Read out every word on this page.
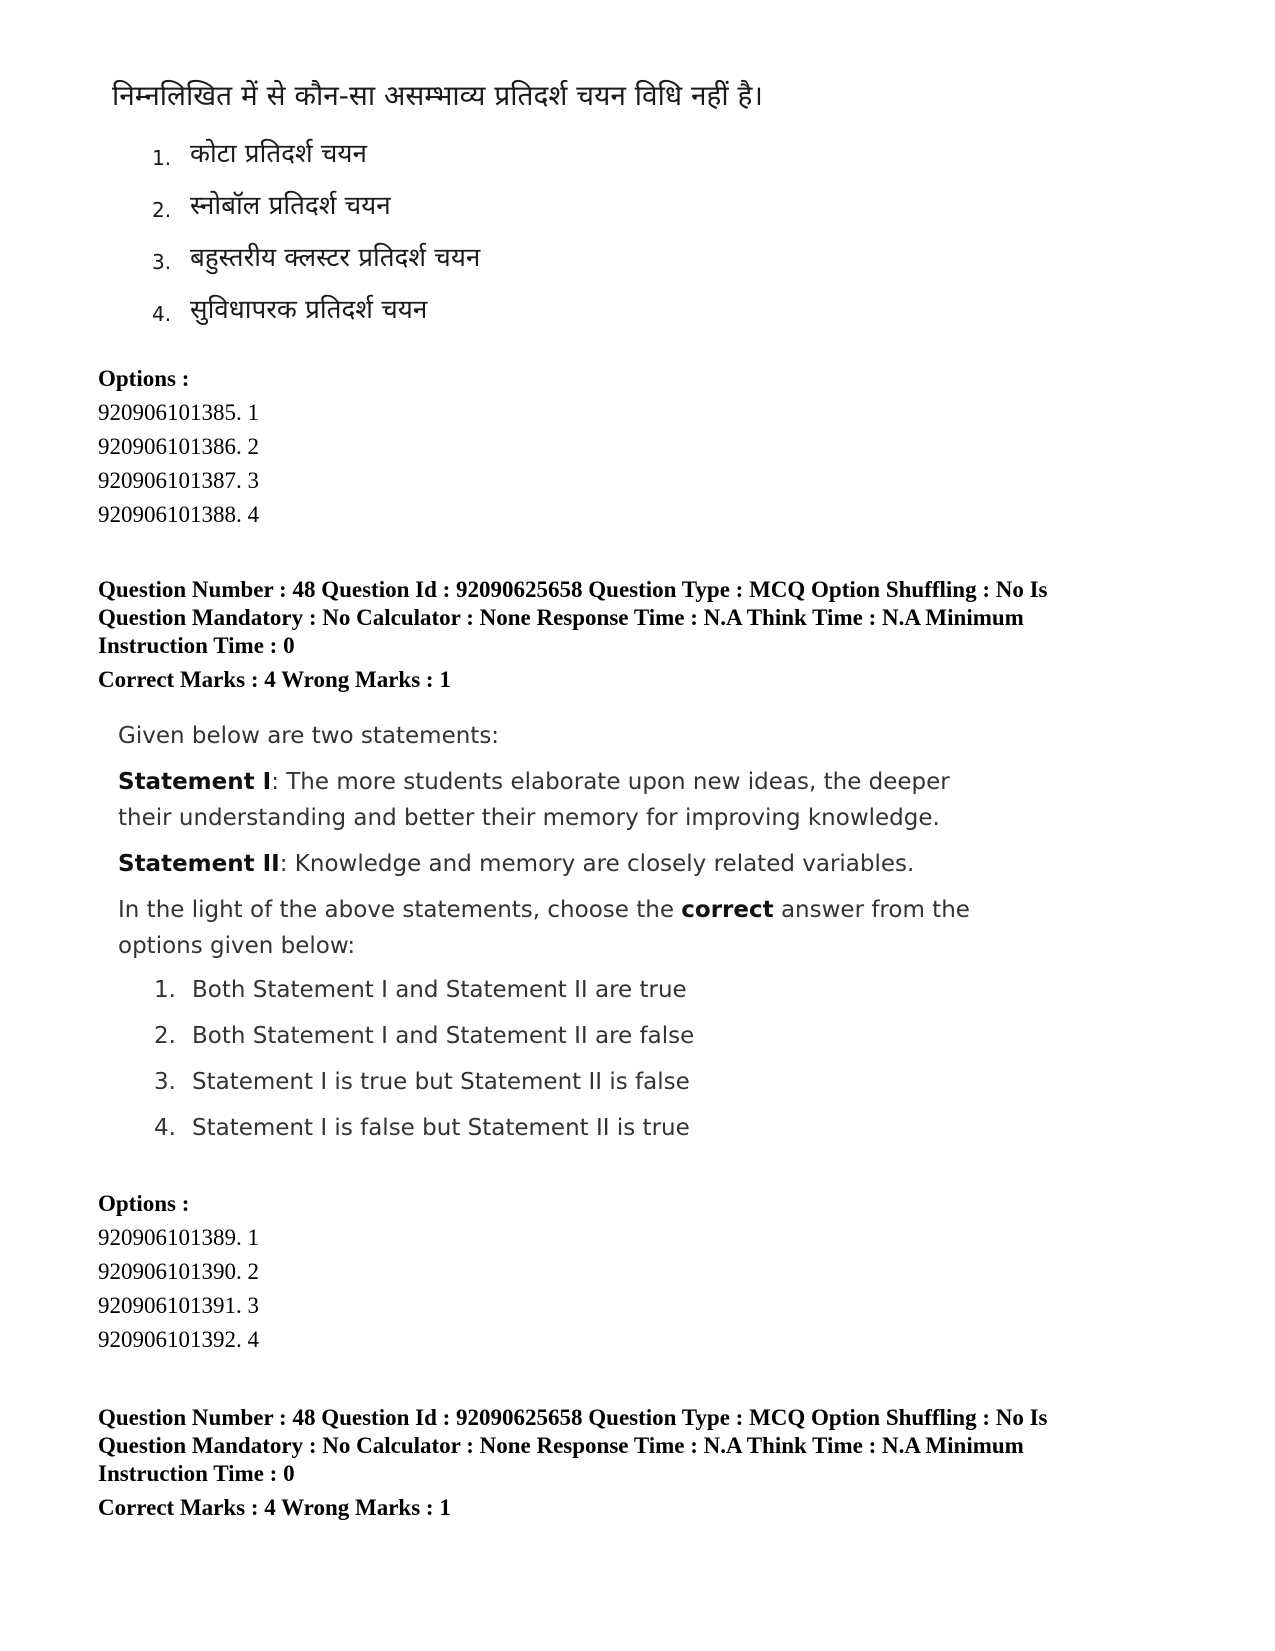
निम्नलिखित में से कौन-सा असम्भाव्य प्रतिदर्श चयन विधि नहीं है।
1. कोटा प्रतिदर्श चयन
2. स्नोबॉल प्रतिदर्श चयन
3. बहुस्तरीय क्लस्टर प्रतिदर्श चयन
4. सुविधापरक प्रतिदर्श चयन
Options :
920906101385. 1
920906101386. 2
920906101387. 3
920906101388. 4
Question Number : 48 Question Id : 92090625658 Question Type : MCQ Option Shuffling : No Is
Question Mandatory : No Calculator : None Response Time : N.A Think Time : N.A Minimum
Instruction Time : 0
Correct Marks : 4 Wrong Marks : 1

Given below are two statements:

Statement I: The more students elaborate upon new ideas, the deeper their understanding and better their memory for improving knowledge.

Statement II: Knowledge and memory are closely related variables.

In the light of the above statements, choose the correct answer from the options given below:

1. Both Statement I and Statement II are true
2. Both Statement I and Statement II are false
3. Statement I is true but Statement II is false
4. Statement I is false but Statement II is true
Options :
920906101389. 1
920906101390. 2
920906101391. 3
920906101392. 4
Question Number : 48 Question Id : 92090625658 Question Type : MCQ Option Shuffling : No Is
Question Mandatory : No Calculator : None Response Time : N.A Think Time : N.A Minimum
Instruction Time : 0
Correct Marks : 4 Wrong Marks : 1
